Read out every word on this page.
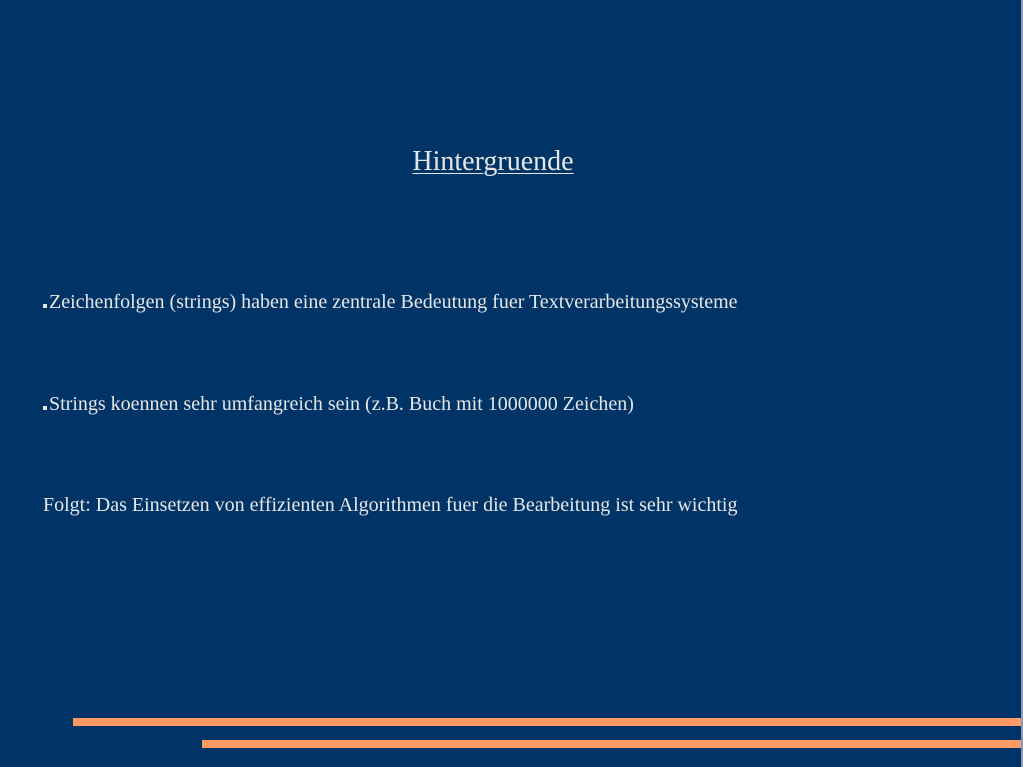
Hintergruende
Zeichenfolgen (strings) haben eine zentrale Bedeutung fuer Textverarbeitungssysteme
Strings koennen sehr umfangreich sein (z.B. Buch mit 1000000 Zeichen)
Folgt: Das Einsetzen von effizienten Algorithmen fuer die Bearbeitung ist sehr wichtig
